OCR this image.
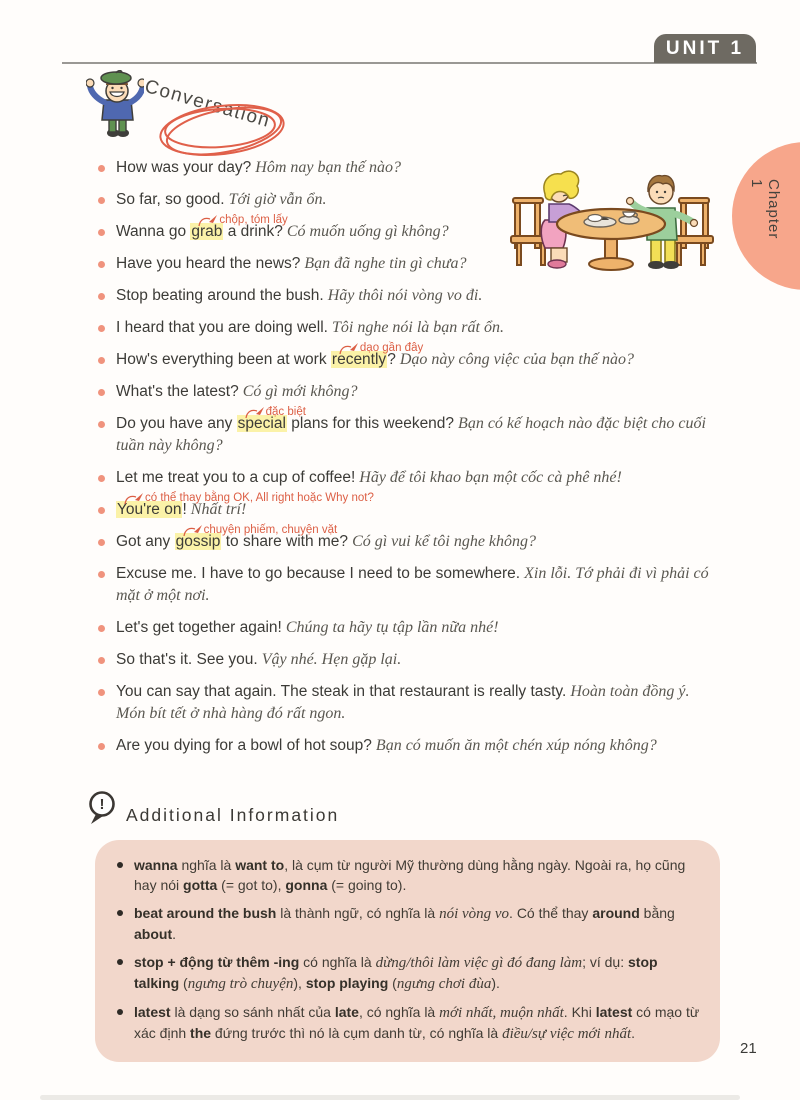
UNIT 1
Chapter 1
Conversation

How was your day? Hôm nay bạn thế nào?

So far, so good. Tới giờ vẫn ổn.

Wanna go grab
chộp, tóm lấy
a drink? Có muốn uống gì không?

Have you heard the news? Bạn đã nghe tin gì chưa?

Stop beating around the bush. Hãy thôi nói vòng vo đi.

I heard that you are doing well. Tôi nghe nói là bạn rất ổn.

How's everything been at work recently
dạo gần đây
? Dạo này công việc của bạn thế nào?

What's the latest? Có gì mới không?

Do you have any special
đặc biệt
plans for this weekend? Bạn có kế hoạch nào đặc biệt cho cuối tuần này không?

Let me treat you to a cup of coffee! Hãy để tôi khao bạn một cốc cà phê nhé!

You're on
có thể thay bằng OK, All right hoặc Why not?
! Nhất trí!

Got any gossip
chuyện phiếm, chuyện vặt
to share with me? Có gì vui kể tôi nghe không?

Excuse me. I have to go because I need to be somewhere. Xin lỗi. Tớ phải đi vì phải có mặt ở một nơi.

Let's get together again! Chúng ta hãy tụ tập lần nữa nhé!

So that's it. See you. Vậy nhé. Hẹn gặp lại.

You can say that again. The steak in that restaurant is really tasty. Hoàn toàn đồng ý. Món bít tết ở nhà hàng đó rất ngon.

Are you dying for a bowl of hot soup? Bạn có muốn ăn một chén xúp nóng không?

!
Additional Information

wanna nghĩa là want to, là cụm từ người Mỹ thường dùng hằng ngày. Ngoài ra, họ cũng hay nói gotta (= got to), gonna (= going to).

beat around the bush là thành ngữ, có nghĩa là nói vòng vo. Có thể thay around bằng about.

stop + động từ thêm -ing có nghĩa là dừng/thôi làm việc gì đó đang làm; ví dụ: stop talking (ngưng trò chuyện), stop playing (ngưng chơi đùa).

latest là dạng so sánh nhất của late, có nghĩa là mới nhất, muộn nhất. Khi latest có mạo từ xác định the đứng trước thì nó là cụm danh từ, có nghĩa là điều/sự việc mới nhất.

21
